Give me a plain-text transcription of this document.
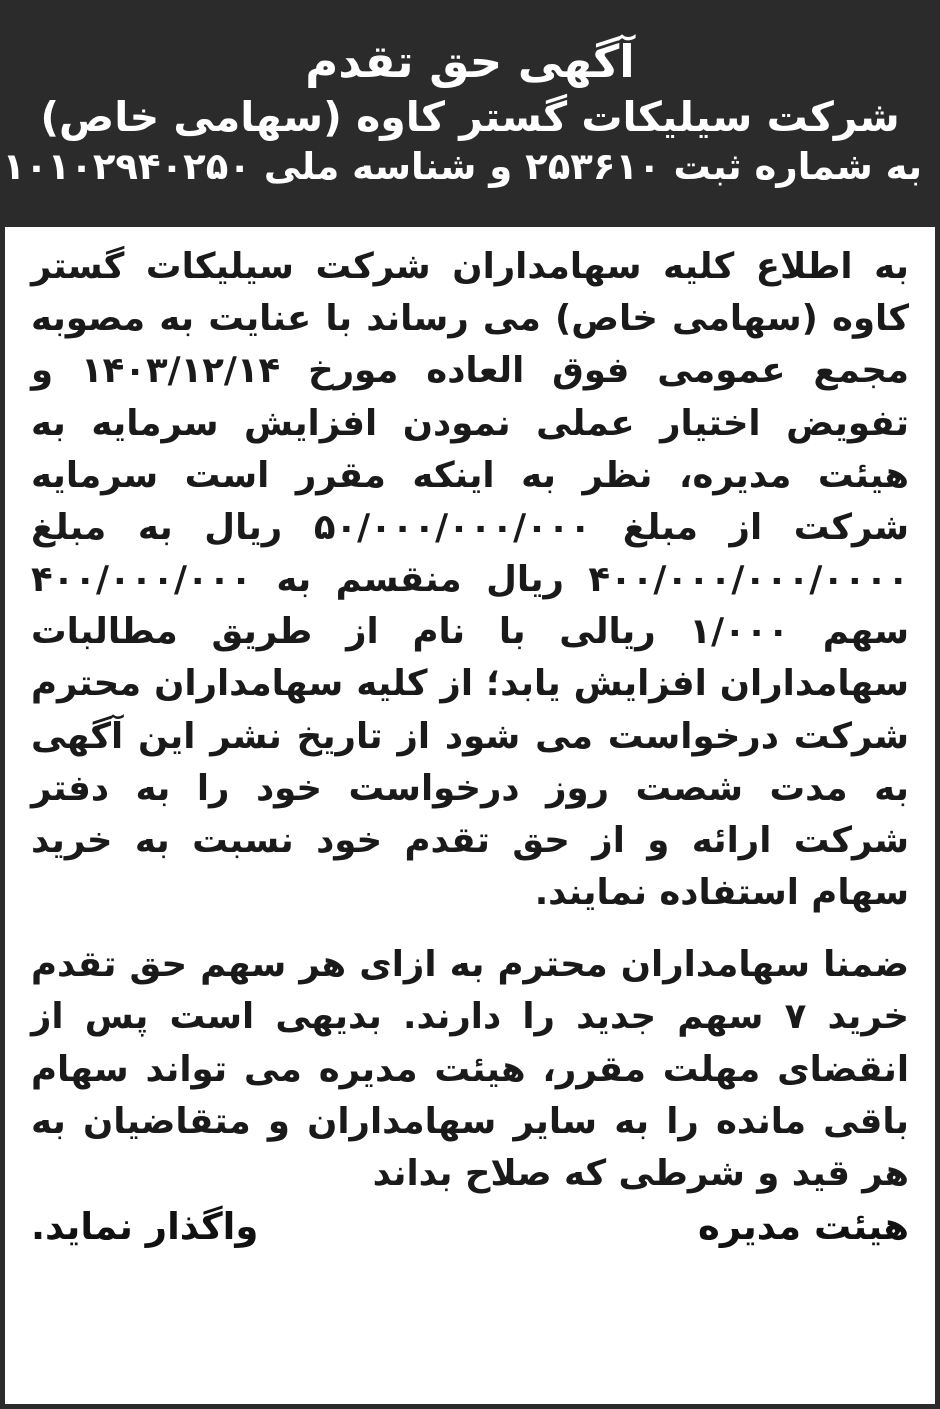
آگهی حق تقدم
شرکت سیلیکات گستر کاوه (سهامی خاص)
به شماره ثبت ۲۵۳۶۱۰ و شناسه ملی ۱۰۱۰۲۹۴۰۲۵۰

به اطلاع کلیه سهامداران شرکت سیلیکات گستر کاوه (سهامی خاص) می رساند با عنایت به مصوبه مجمع عمومی فوق العاده مورخ ۱۴۰۳/۱۲/۱۴ و تفویض اختیار عملی نمودن افزایش سرمایه به هیئت مدیره، نظر به اینکه مقرر است سرمایه شرکت از مبلغ ۵۰/۰۰۰/۰۰۰/۰۰۰ ریال به مبلغ ۴۰۰/۰۰۰/۰۰۰/۰۰۰۰ ریال منقسم به ۴۰۰/۰۰۰/۰۰۰ سهم ۱/۰۰۰ ریالی با نام از طریق مطالبات سهامداران افزایش یابد؛ از کلیه سهامداران محترم شرکت درخواست می شود از تاریخ نشر این آگهی به مدت شصت روز درخواست خود را به دفتر شرکت ارائه و از حق تقدم خود نسبت به خرید سهام استفاده نمایند.

ضمنا سهامداران محترم به ازای هر سهم حق تقدم خرید ۷ سهم جدید را دارند. بدیهی است پس از انقضای مهلت مقرر، هیئت مدیره می تواند سهام باقی مانده را به سایر سهامداران و متقاضیان به هر قید و شرطی که صلاح بداند

هیئت مدیره
واگذار نماید.
